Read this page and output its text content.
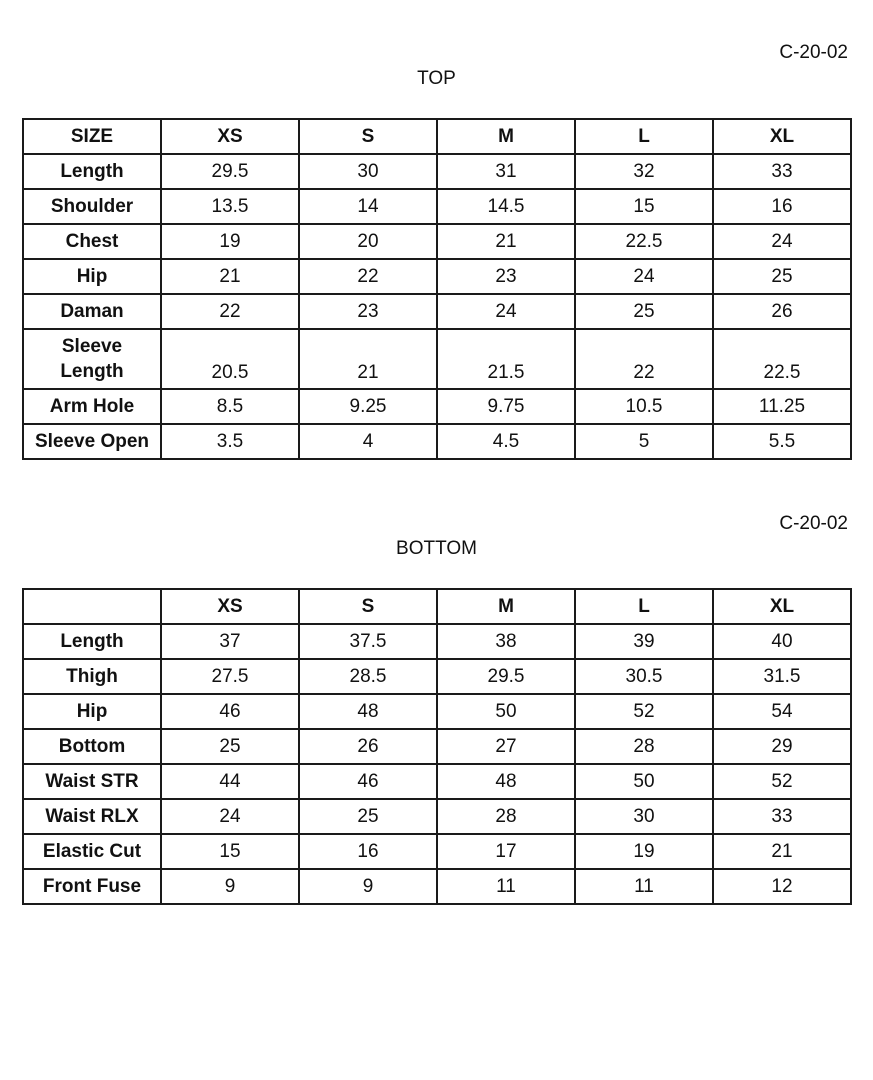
C-20-02
TOP
SIZE	XS	S	M	L	XL
Length	29.5	30	31	32	33
Shoulder	13.5	14	14.5	15	16
Chest	19	20	21	22.5	24
Hip	21	22	23	24	25
Daman	22	23	24	25	26
Sleeve
Length	20.5	21	21.5	22	22.5
Arm Hole	8.5	9.25	9.75	10.5	11.25
Sleeve Open	3.5	4	4.5	5	5.5
C-20-02
BOTTOM
	XS	S	M	L	XL
Length	37	37.5	38	39	40
Thigh	27.5	28.5	29.5	30.5	31.5
Hip	46	48	50	52	54
Bottom	25	26	27	28	29
Waist STR	44	46	48	50	52
Waist RLX	24	25	28	30	33
Elastic Cut	15	16	17	19	21
Front Fuse	9	9	11	11	12
